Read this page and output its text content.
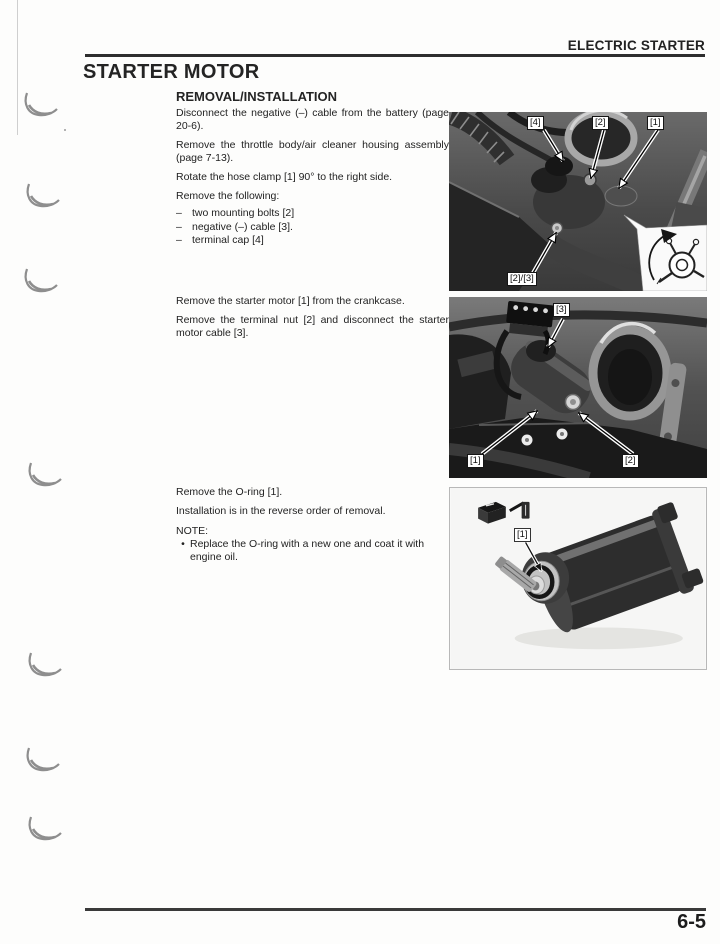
ELECTRIC STARTER
STARTER MOTOR
REMOVAL/INSTALLATION

Disconnect the negative (–) cable from the battery (page 20-6).

Remove the throttle body/air cleaner housing assembly (page 7-13).

Rotate the hose clamp [1] 90° to the right side.

Remove the following:

– two mounting bolts [2]
– negative (–) cable [3].
– terminal cap [4]

Remove the starter motor [1] from the crankcase.

Remove the terminal nut [2] and disconnect the starter motor cable [3].

Remove the O-ring [1].

Installation is in the reverse order of removal.

NOTE:

• Replace the O-ring with a new one and coat it with engine oil.
[4]	[2]	[1]
[2]/[3]
[3]
[1]	[2]
[1]
6-5
